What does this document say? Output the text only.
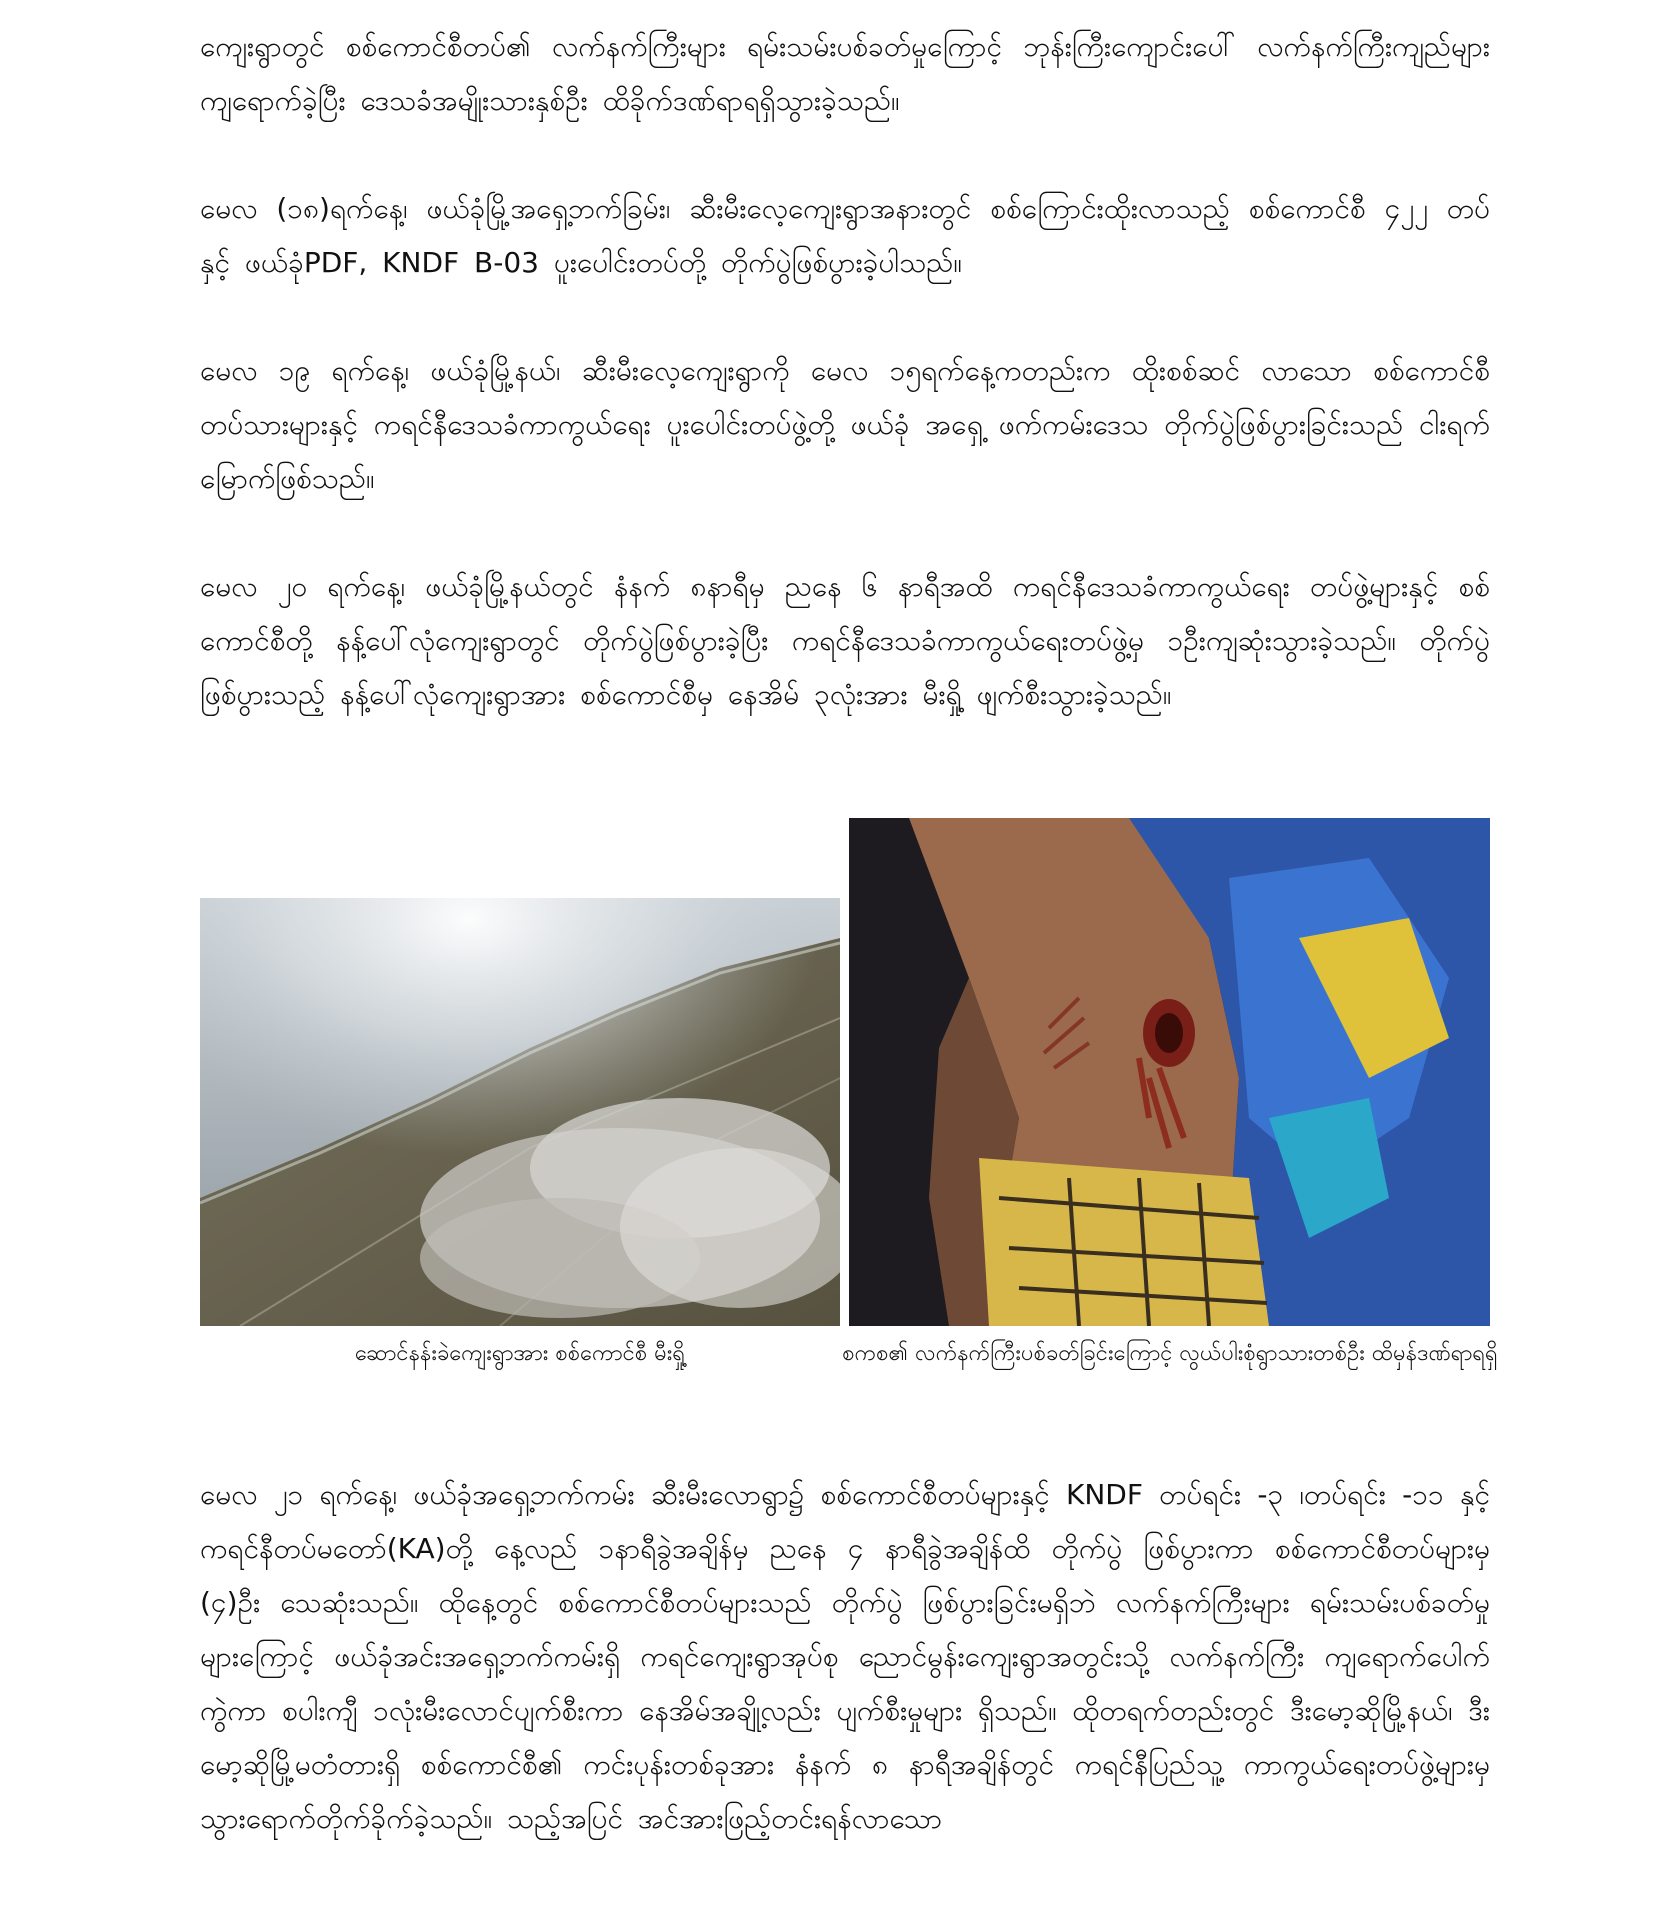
ကျေးရွာတွင် စစ်ကောင်စီတပ်၏ လက်နက်ကြီးများ ရမ်းသမ်းပစ်ခတ်မှုကြောင့် ဘုန်းကြီးကျောင်းပေါ် လက်နက်ကြီးကျည်များကျရောက်ခဲ့ပြီး ဒေသခံအမျိုးသားနှစ်ဦး ထိခိုက်ဒဏ်ရာရရှိသွားခဲ့သည်။

မေလ (၁၈)ရက်နေ့၊ ဖယ်ခုံမြို့အရှေ့ဘက်ခြမ်း၊ ဆီးမီးလေ့ကျေးရွာအနားတွင် စစ်ကြောင်းထိုးလာသည့် စစ်ကောင်စီ ၄၂၂ တပ်နှင့် ဖယ်ခုံPDF, KNDF B-03 ပူးပေါင်းတပ်တို့ တိုက်ပွဲဖြစ်ပွားခဲ့ပါသည်။

မေလ ၁၉ ရက်နေ့၊ ဖယ်ခုံမြို့နယ်၊ ဆီးမီးလေ့ကျေးရွာကို မေလ ၁၅ရက်နေ့ကတည်းက ထိုးစစ်ဆင် လာသော စစ်ကောင်စီတပ်သားများနှင့် ကရင်နီဒေသခံကာကွယ်ရေး ပူးပေါင်းတပ်ဖွဲ့တို့ ဖယ်ခုံ အရှေ့ ဖက်ကမ်းဒေသ တိုက်ပွဲဖြစ်ပွားခြင်းသည် ငါးရက်မြောက်ဖြစ်သည်။

မေလ ၂၀ ရက်နေ့၊ ဖယ်ခုံမြို့နယ်တွင် နံနက် ၈နာရီမှ ညနေ ၆ နာရီအထိ ကရင်နီဒေသခံကာကွယ်ရေး တပ်ဖွဲ့များနှင့် စစ်ကောင်စီတို့ နန့်ပေါ်လုံကျေးရွာတွင် တိုက်ပွဲဖြစ်ပွားခဲ့ပြီး ကရင်နီဒေသခံကာကွယ်ရေးတပ်ဖွဲ့မှ ၁ဦးကျဆုံးသွားခဲ့သည်။ တိုက်ပွဲဖြစ်ပွားသည့် နန့်ပေါ်လုံကျေးရွာအား စစ်ကောင်စီမှ နေအိမ် ၃လုံးအား မီးရှို့ ဖျက်စီးသွားခဲ့သည်။

ဆောင်နန်းခဲကျေးရွာအား စစ်ကောင်စီ မီးရှို့	စကစ၏ လက်နက်ကြီးပစ်ခတ်ခြင်းကြောင့် လွယ်ပါးစုံရွာသားတစ်ဦး ထိမှန်ဒဏ်ရာရရှိ

မေလ ၂၁ ရက်နေ့၊ ဖယ်ခုံအရှေ့ဘက်ကမ်း ဆီးမီးလောရွာ၌ စစ်ကောင်စီတပ်များနှင့် KNDF တပ်ရင်း -၃ ၊တပ်ရင်း -၁၁ နှင့် ကရင်နီတပ်မတော်(KA)တို့ နေ့လည် ၁နာရီခွဲအချိန်မှ ညနေ ၄ နာရီခွဲအချိန်ထိ တိုက်ပွဲ ဖြစ်ပွားကာ စစ်ကောင်စီတပ်များမှ (၄)ဦး သေဆုံးသည်။ ထိုနေ့တွင် စစ်ကောင်စီတပ်များသည် တိုက်ပွဲ ဖြစ်ပွားခြင်းမရှိဘဲ လက်နက်ကြီးများ ရမ်းသမ်းပစ်ခတ်မှုများကြောင့် ဖယ်ခုံအင်းအရှေ့ဘက်ကမ်းရှိ ကရင်ကျေးရွာအုပ်စု ညောင်မွန်းကျေးရွာအတွင်းသို့ လက်နက်ကြီး ကျရောက်ပေါက်ကွဲကာ စပါးကျီ ၁လုံးမီးလောင်ပျက်စီးကာ နေအိမ်အချို့လည်း ပျက်စီးမှုများ ရှိသည်။ ထိုတရက်တည်းတွင် ဒီးမော့ဆိုမြို့နယ်၊ ဒီးမော့ဆိုမြို့မတံတားရှိ စစ်ကောင်စီ၏ ကင်းပုန်းတစ်ခုအား နံနက် ၈ နာရီအချိန်တွင် ကရင်နီပြည်သူ့ ကာကွယ်ရေးတပ်ဖွဲ့များမှ သွားရောက်တိုက်ခိုက်ခဲ့သည်။ သည့်အပြင် အင်အားဖြည့်တင်းရန်လာသော
